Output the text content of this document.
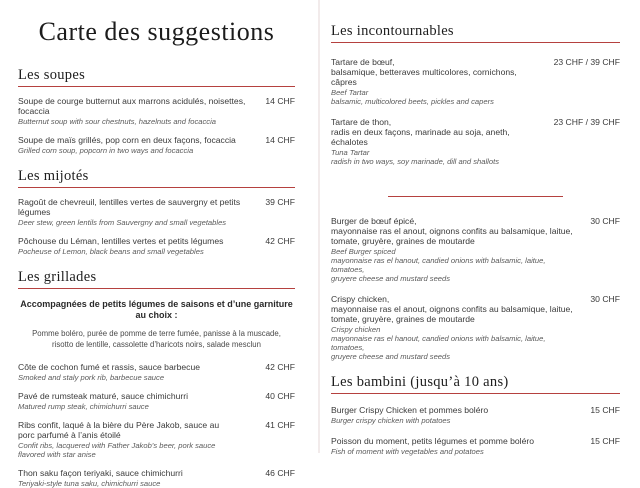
Carte des suggestions
Les soupes
Soupe de courge butternut aux marrons acidulés, noisettes, focaccia
Butternut soup with sour chestnuts, hazelnuts and focaccia
14 CHF
Soupe de maïs grillés, pop corn en deux façons, focaccia
Grilled corn soup, popcorn in two ways and focaccia
14 CHF
Les mijotés
Ragoût de chevreuil, lentilles vertes de sauvergny et petits légumes
Deer stew, green lentils from Sauvergny and small vegetables
39 CHF
Pôchouse du Léman, lentilles vertes et petits légumes
Pocheuse of Lemon, black beans and small vegetables
42 CHF
Les grillades

Accompagnées de petits légumes de saisons et d’une garniture au choix :

Pomme boléro, purée de pomme de terre fumée, panisse à la muscade, risotto de lentille, cassolette d’haricots noirs, salade mesclun

Côte de cochon fumé et rassis, sauce barbecue
Smoked and staly pork rib, barbecue sauce
42 CHF
Pavé de rumsteak maturé, sauce chimichurri
Matured rump steak, chimichurri sauce
40 CHF
Ribs confit, laqué à la bière du Père Jakob, sauce au
porc parfumé à l’anis étoilé
Confit ribs, lacquered with Father Jakob’s beer, pork sauce
flavored with star anise
41 CHF
Thon saku façon teriyaki, sauce chimichurri
Teriyaki-style tuna saku, chimichurri sauce
46 CHF
Les incontournables
Tartare de bœuf,
balsamique, betteraves multicolores, cornichons, câpres
Beef Tartar
balsamic, multicolored beets, pickles and capers
23 CHF / 39 CHF
Tartare de thon,
radis en deux façons, marinade au soja, aneth, échalotes
Tuna Tartar
radish in two ways, soy marinade, dill and shallots
23 CHF / 39 CHF
Burger de bœuf épicé,
mayonnaise ras el anout, oignons confits au balsamique, laitue,
tomate, gruyère, graines de moutarde
Beef Burger spiced
mayonnaise ras el hanout, candied onions with balsamic, laitue, tomatoes,
gruyere cheese and mustard seeds
30 CHF
Crispy chicken,
mayonnaise ras el anout, oignons confits au balsamique, laitue,
tomate, gruyère, graines de moutarde
Crispy chicken
mayonnaise ras el hanout, candied onions with balsamic, laitue, tomatoes,
gruyere cheese and mustard seeds
30 CHF
Les bambini (jusqu’à 10 ans)
Burger Crispy Chicken et pommes boléro
Burger crispy chicken with potatoes
15 CHF
Poisson du moment, petits légumes et pomme boléro
Fish of moment with vegetables and potatoes
15 CHF
